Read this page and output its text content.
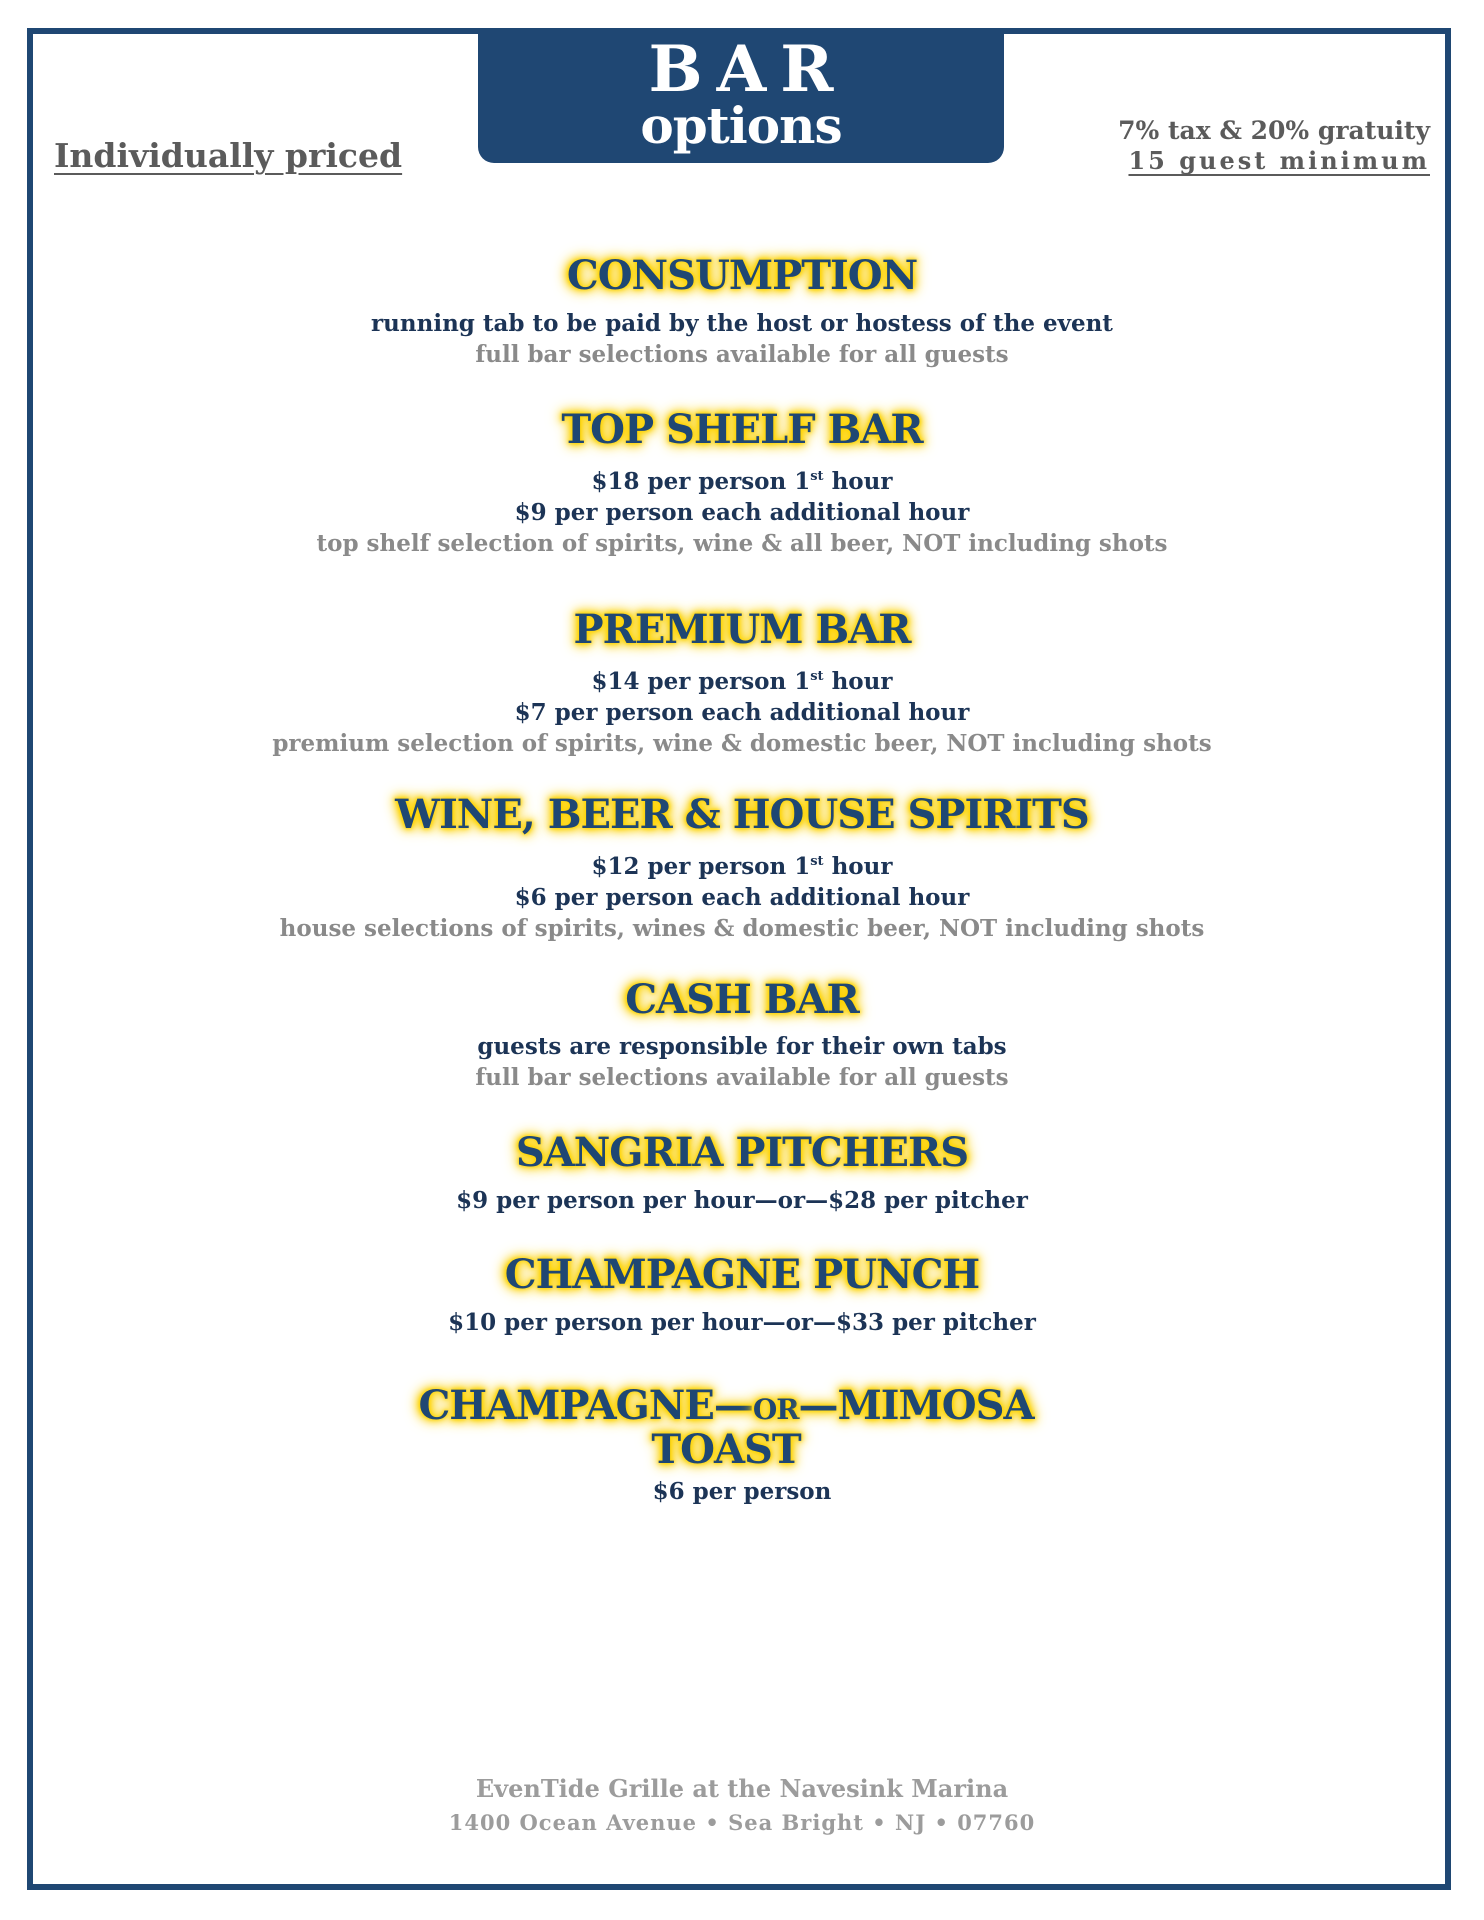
BAR
options
Individually priced
7% tax & 20% gratuity
15 guest minimum
CONSUMPTION
running tab to be paid by the host or hostess of the event
full bar selections available for all guests
TOP SHELF BAR
$18 per person 1st hour
$9 per person each additional hour
top shelf selection of spirits, wine & all beer, NOT including shots
PREMIUM BAR
$14 per person 1st hour
$7 per person each additional hour
premium selection of spirits, wine & domestic beer, NOT including shots
WINE, BEER & HOUSE SPIRITS
$12 per person 1st hour
$6 per person each additional hour
house selections of spirits, wines & domestic beer, NOT including shots
CASH BAR
guests are responsible for their own tabs
full bar selections available for all guests
SANGRIA PITCHERS
$9 per person per hour—or—$28 per pitcher
CHAMPAGNE PUNCH
$10 per person per hour—or—$33 per pitcher
CHAMPAGNE—OR—MIMOSA
TOAST
$6 per person
EvenTide Grille at the Navesink Marina
1400 Ocean Avenue • Sea Bright • NJ • 07760
